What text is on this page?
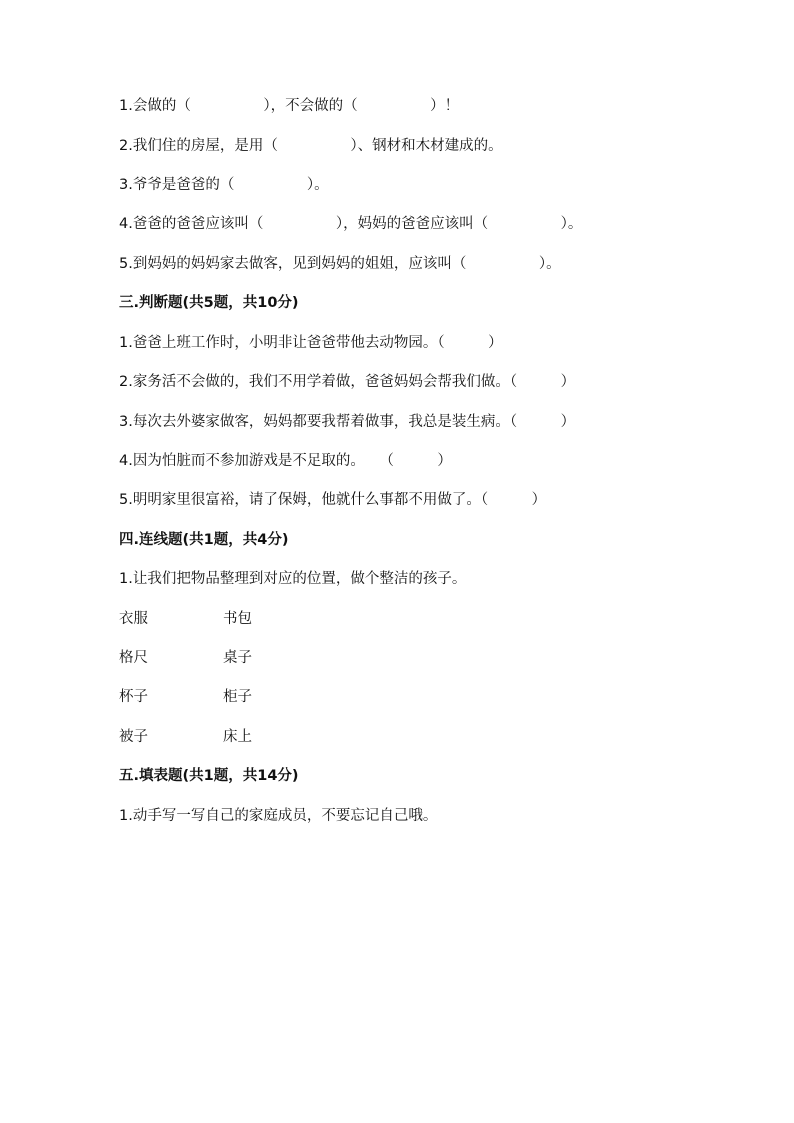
1.会做的（　　　　　），不会做的（　　　　　）！
2.我们住的房屋，是用（　　　　　）、钢材和木材建成的。
3.爷爷是爸爸的（　　　　　）。
4.爸爸的爸爸应该叫（　　　　　），妈妈的爸爸应该叫（　　　　　）。
5.到妈妈的妈妈家去做客，见到妈妈的姐姐，应该叫（　　　　　）。
三.判断题(共5题，共10分)
1.爸爸上班工作时，小明非让爸爸带他去动物园。（　　　）
2.家务活不会做的，我们不用学着做，爸爸妈妈会帮我们做。（　　　）
3.每次去外婆家做客，妈妈都要我帮着做事，我总是装生病。（　　　）
4.因为怕脏而不参加游戏是不足取的。　　（　　　）
5.明明家里很富裕，请了保姆，他就什么事都不用做了。（　　　）
四.连线题(共1题，共4分)
1.让我们把物品整理到对应的位置，做个整洁的孩子。
衣服	书包
格尺	桌子
杯子	柜子
被子	床上
五.填表题(共1题，共14分)
1.动手写一写自己的家庭成员，不要忘记自己哦。
